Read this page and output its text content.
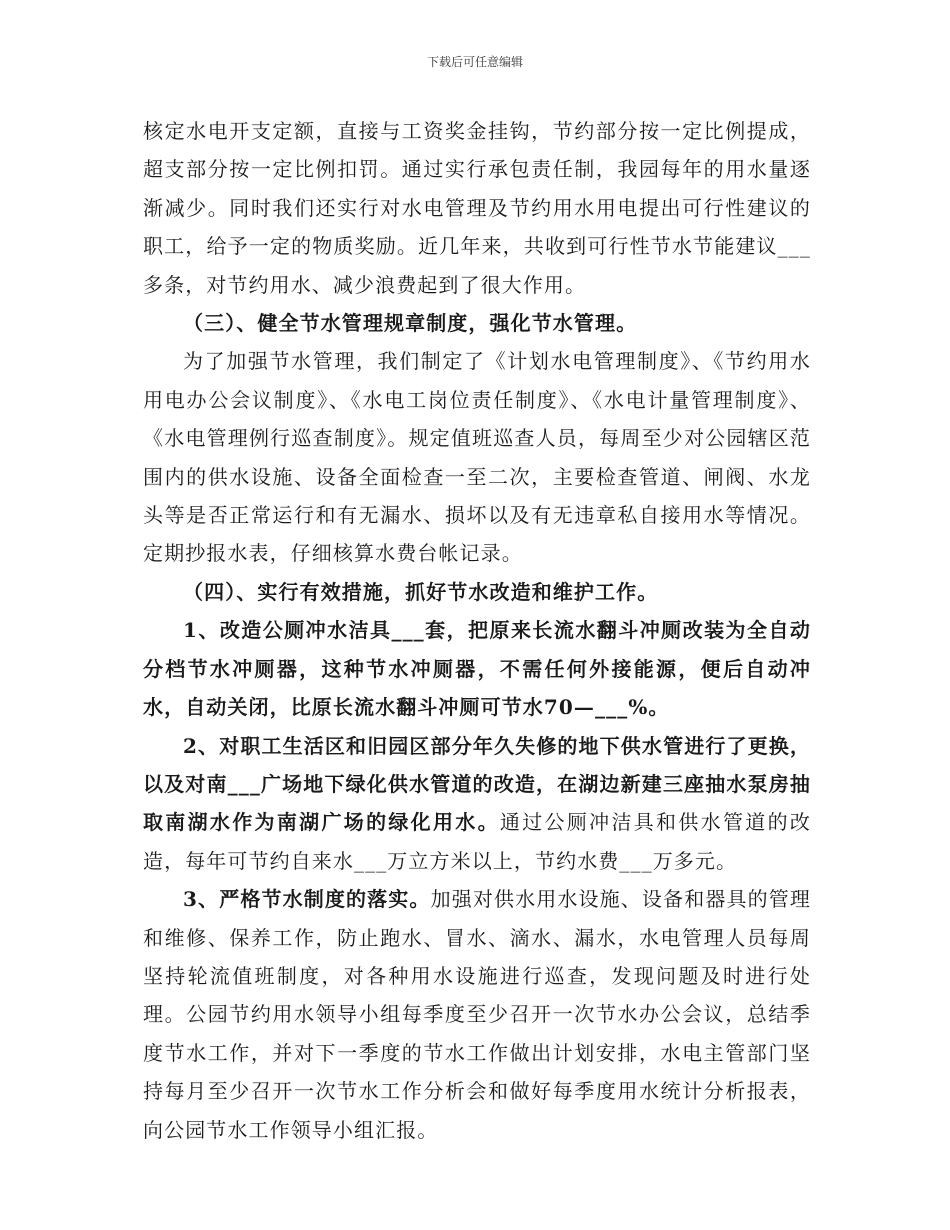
下载后可任意编辑

核定水电开支定额，直接与工资奖金挂钩，节约部分按一定比例提成，超支部分按一定比例扣罚。通过实行承包责任制，我园每年的用水量逐渐减少。同时我们还实行对水电管理及节约用水用电提出可行性建议的职工，给予一定的物质奖励。近几年来，共收到可行性节水节能建议___多条，对节约用水、减少浪费起到了很大作用。

（三）、健全节水管理规章制度，强化节水管理。

为了加强节水管理，我们制定了《计划水电管理制度》、《节约用水用电办公会议制度》、《水电工岗位责任制度》、《水电计量管理制度》、《水电管理例行巡查制度》。规定值班巡查人员，每周至少对公园辖区范围内的供水设施、设备全面检查一至二次，主要检查管道、闸阀、水龙头等是否正常运行和有无漏水、损坏以及有无违章私自接用水等情况。定期抄报水表，仔细核算水费台帐记录。

（四）、实行有效措施，抓好节水改造和维护工作。

1、改造公厕冲水洁具___套，把原来长流水翻斗冲厕改装为全自动分档节水冲厕器，这种节水冲厕器，不需任何外接能源，便后自动冲水，自动关闭，比原长流水翻斗冲厕可节水70—___%。

2、对职工生活区和旧园区部分年久失修的地下供水管进行了更换，以及对南___广场地下绿化供水管道的改造，在湖边新建三座抽水泵房抽取南湖水作为南湖广场的绿化用水。通过公厕冲洁具和供水管道的改造，每年可节约自来水___万立方米以上，节约水费___万多元。

3、严格节水制度的落实。加强对供水用水设施、设备和器具的管理和维修、保养工作，防止跑水、冒水、滴水、漏水，水电管理人员每周坚持轮流值班制度，对各种用水设施进行巡查，发现问题及时进行处理。公园节约用水领导小组每季度至少召开一次节水办公会议，总结季度节水工作，并对下一季度的节水工作做出计划安排，水电主管部门坚持每月至少召开一次节水工作分析会和做好每季度用水统计分析报表，向公园节水工作领导小组汇报。
